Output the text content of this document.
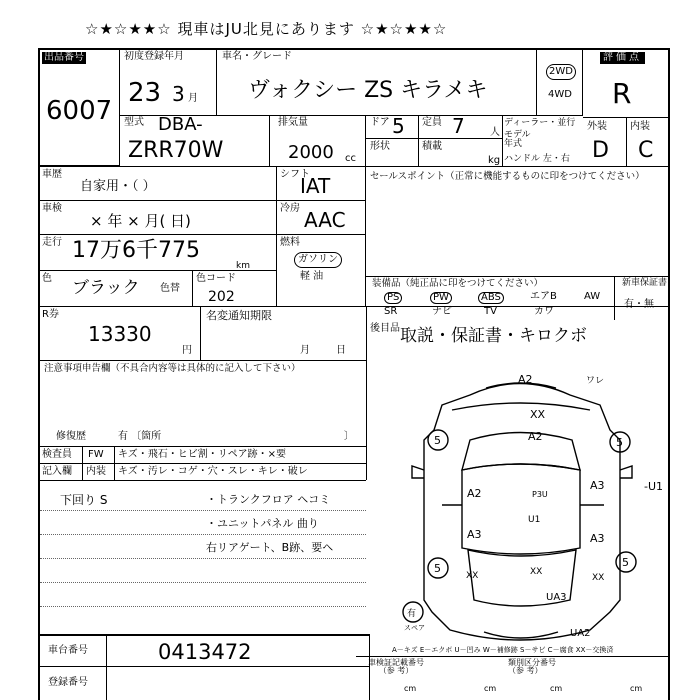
☆★☆★★☆ 現車はJU北見にあります ☆★☆★★☆
出品番号
6007
初度登録年月
23 3 月
車名・グレード
ヴォクシー ZS キラメキ
2WD
4WD
評価点
R
型式 DBA-
ZRR70W
排気量
2000 cc
ドア 5 定員 7	人
形状	積載
kg
ディーラー・並行
モデル
年式
ハンドル 左・右
外装 内装
D C
車歴
自家用・（ ）
車検
× 年 × 月( 日)
走行 17万6千775
km
色 ブラック 色替
色コード
202
シフト
IAT
冷房 AAC
燃料
ガソリン
軽 油
セールスポイント（正常に機能するものに印をつけてください）
装備品（純正品に印をつけてください）	新車保証書
有・無
PS	PW	ABS	エアB	AW
SR	ナビ	TV	カワ
R券
13330
円
名変通知期限
月	日
後目品 取説・保証書・キロクボ
注意事項申告欄（不具合内容等は具体的に記入して下さい）
修復歴	有 〔箇所	〕
検査員 FW キズ・飛石・ヒビ割・リペア跡・×要
記入欄 内装 キズ・汚レ・コゲ・穴・スレ・キレ・破レ
下回り S	・トランクフロア ヘコミ
・ユニットパネル 曲り
右リアゲート、B跡、要ヘ
車台番号	0413472
登録番号
A－キズ E－エクボ U－凹み W－補修跡 S－サビ C－腐食 XX－交換済
車検証記載番号
（参 考）
類別区分番号
（参 考）
cm	cm	cm	cm
A2	ワレ
XX
A2
A2	P3U
A3	-U1
U1
A3	A3
XX	XX
XX
UA3
UA2
5	5
5	5
有
スペア
